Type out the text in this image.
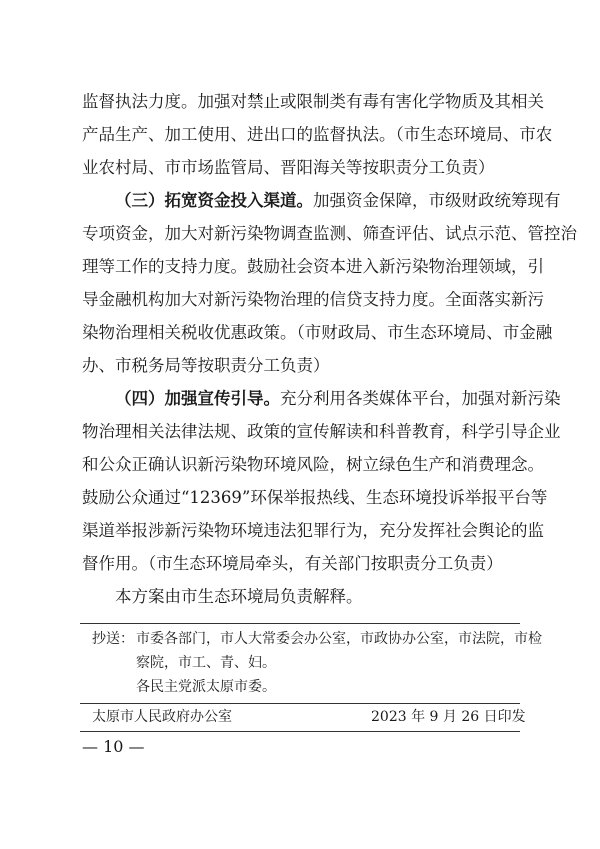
监督执法力度。加强对禁止或限制类有毒有害化学物质及其相关
产品生产、加工使用、进出口的监督执法。（市生态环境局、市农
业农村局、市市场监管局、晋阳海关等按职责分工负责）
（三）拓宽资金投入渠道。 加强资金保障，市级财政统筹现有
专项资金，加大对新污染物调查监测、筛查评估、试点示范、管控治
理等工作的支持力度。鼓励社会资本进入新污染物治理领域，引
导金融机构加大对新污染物治理的信贷支持力度。全面落实新污
染物治理相关税收优惠政策。（市财政局、市生态环境局、市金融
办、市税务局等按职责分工负责）
（四）加强宣传引导。 充分利用各类媒体平台，加强对新污染
物治理相关法律法规、政策的宣传解读和科普教育，科学引导企业
和公众正确认识新污染物环境风险，树立绿色生产和消费理念。
鼓励公众通过“12369”环保举报热线、生态环境投诉举报平台等
渠道举报涉新污染物环境违法犯罪行为，充分发挥社会舆论的监
督作用。（市生态环境局牵头，有关部门按职责分工负责）
本方案由市生态环境局负责解释。
抄送： 市委各部门，市人大常委会办公室，市政协办公室，市法院，市检
察院，市工、青、妇。
各民主党派太原市委。
太原市人民政府办公室	2023 年 9 月 26 日印发
— 10 —
